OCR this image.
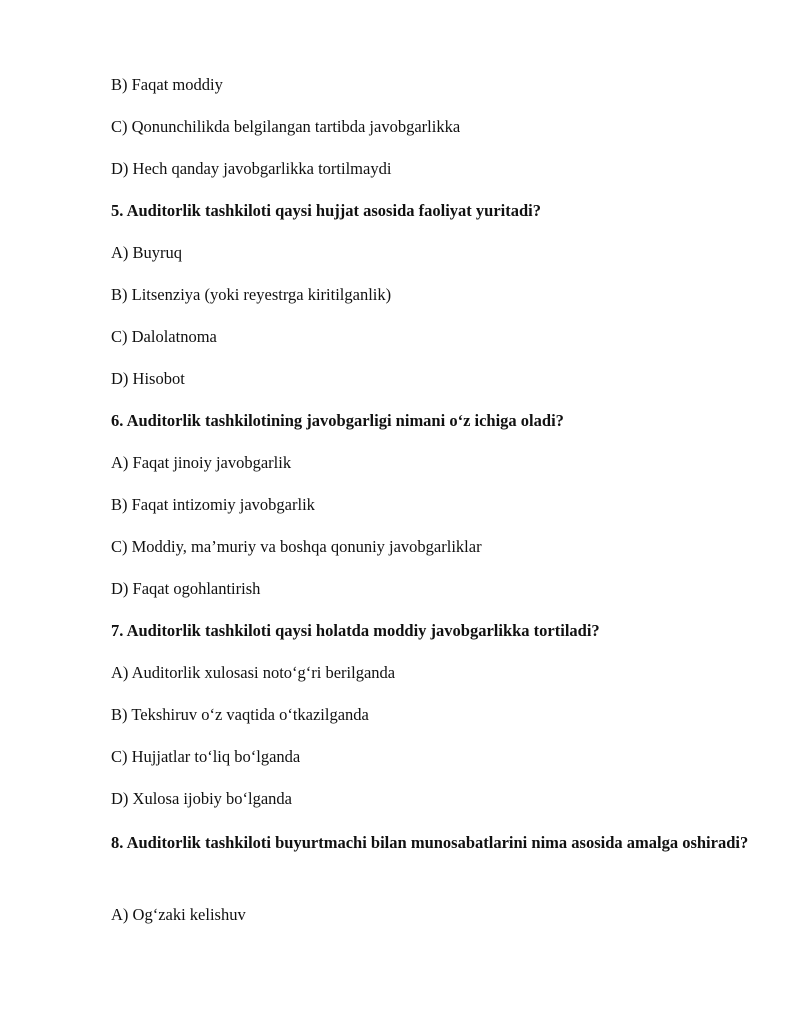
B) Faqat moddiy
C) Qonunchilikda belgilangan tartibda javobgarlikka
D) Hech qanday javobgarlikka tortilmaydi
5. Auditorlik tashkiloti qaysi hujjat asosida faoliyat yuritadi?
A) Buyruq
B) Litsenziya (yoki reyestrga kiritilganlik)
C) Dalolatnoma
D) Hisobot
6. Auditorlik tashkilotining javobgarligi nimani o‘z ichiga oladi?
A) Faqat jinoiy javobgarlik
B) Faqat intizomiy javobgarlik
C) Moddiy, ma’muriy va boshqa qonuniy javobgarliklar
D) Faqat ogohlantirish
7. Auditorlik tashkiloti qaysi holatda moddiy javobgarlikka tortiladi?
A) Auditorlik xulosasi noto‘g‘ri berilganda
B) Tekshiruv o‘z vaqtida o‘tkazilganda
C) Hujjatlar to‘liq bo‘lganda
D) Xulosa ijobiy bo‘lganda
8. Auditorlik tashkiloti buyurtmachi bilan munosabatlarini nima asosida amalga oshiradi?
A) Og‘zaki kelishuv
